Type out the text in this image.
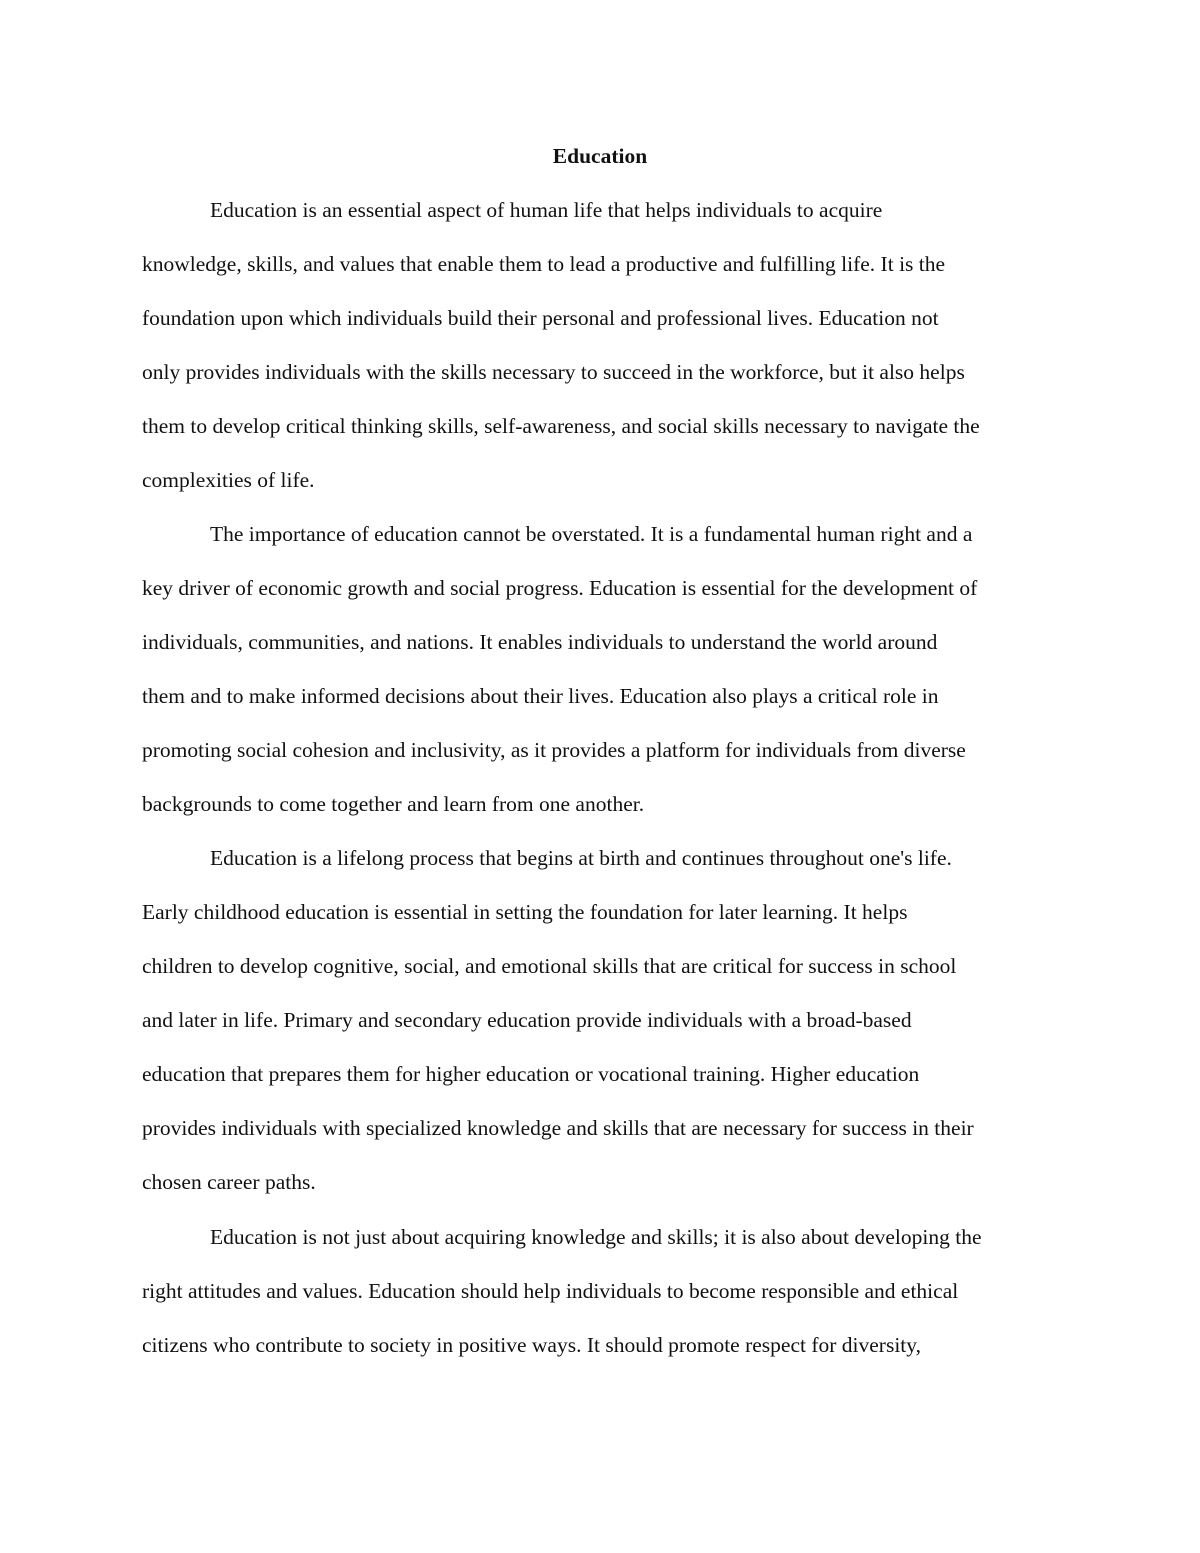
Education

Education is an essential aspect of human life that helps individuals to acquire

knowledge, skills, and values that enable them to lead a productive and fulfilling life. It is the

foundation upon which individuals build their personal and professional lives. Education not

only provides individuals with the skills necessary to succeed in the workforce, but it also helps

them to develop critical thinking skills, self-awareness, and social skills necessary to navigate the

complexities of life.

The importance of education cannot be overstated. It is a fundamental human right and a

key driver of economic growth and social progress. Education is essential for the development of

individuals, communities, and nations. It enables individuals to understand the world around

them and to make informed decisions about their lives. Education also plays a critical role in

promoting social cohesion and inclusivity, as it provides a platform for individuals from diverse

backgrounds to come together and learn from one another.

Education is a lifelong process that begins at birth and continues throughout one's life.

Early childhood education is essential in setting the foundation for later learning. It helps

children to develop cognitive, social, and emotional skills that are critical for success in school

and later in life. Primary and secondary education provide individuals with a broad-based

education that prepares them for higher education or vocational training. Higher education

provides individuals with specialized knowledge and skills that are necessary for success in their

chosen career paths.

Education is not just about acquiring knowledge and skills; it is also about developing the

right attitudes and values. Education should help individuals to become responsible and ethical

citizens who contribute to society in positive ways. It should promote respect for diversity,
